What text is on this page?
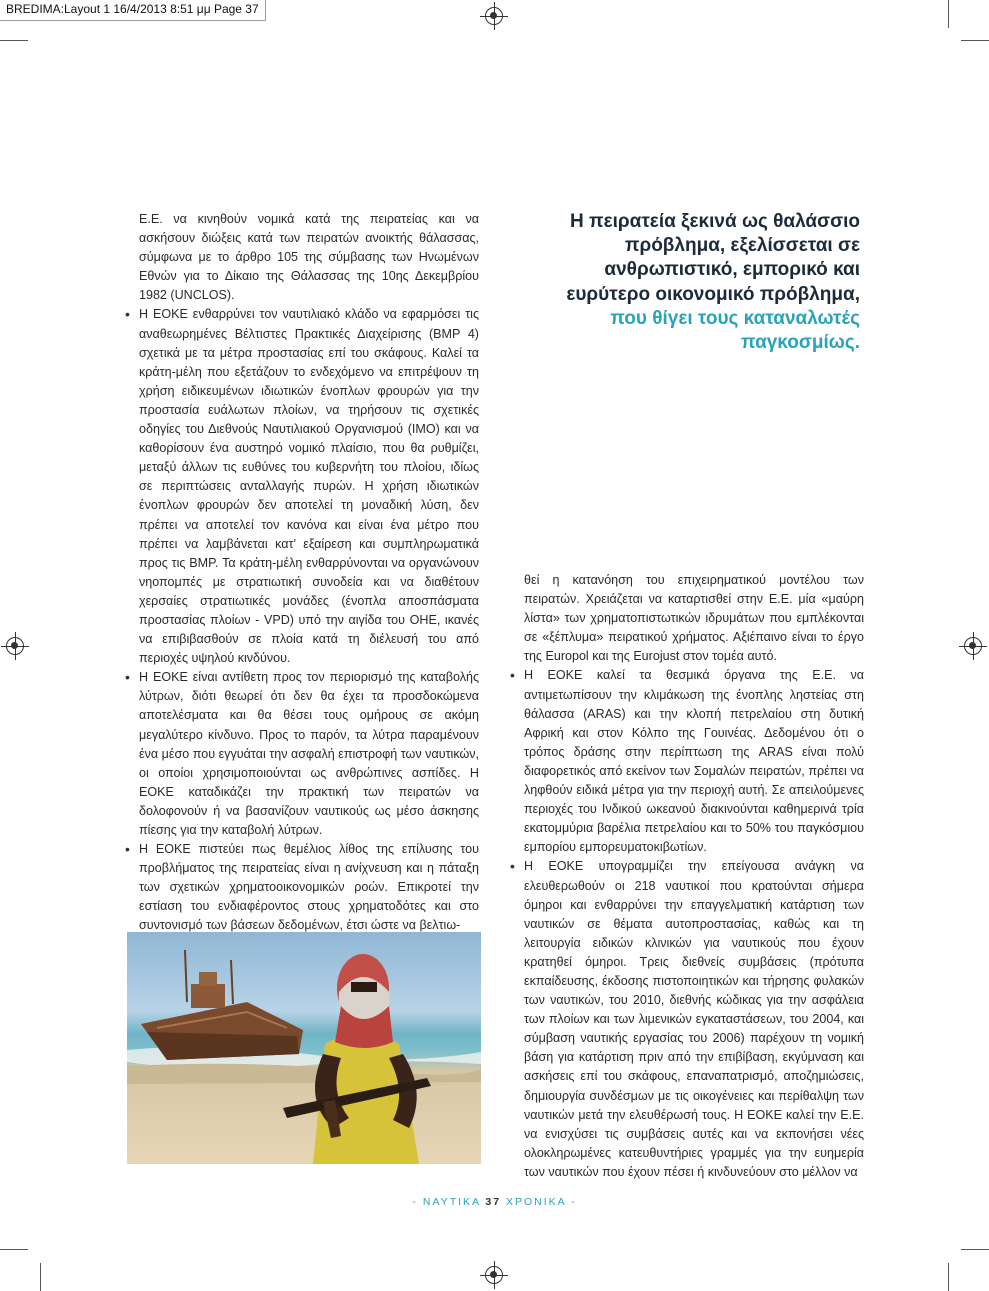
BREDIMA:Layout 1 16/4/2013 8:51 μμ Page 37

Ε.Ε. να κινηθούν νομικά κατά της πειρατείας και να ασκήσουν διώξεις κατά των πειρατών ανοικτής θάλασσας, σύμφωνα με το άρθρο 105 της σύμβασης των Ηνωμένων Εθνών για το Δίκαιο της Θάλασσας της 10ης Δεκεμβρίου 1982 (UNCLOS).

• Η ΕΟΚΕ ενθαρρύνει τον ναυτιλιακό κλάδο να εφαρμόσει τις αναθεωρημένες Βέλτιστες Πρακτικές Διαχείρισης (BMP 4) σχετικά με τα μέτρα προστασίας επί του σκάφους. Καλεί τα κράτη-μέλη που εξετάζουν το ενδεχόμενο να επιτρέψουν τη χρήση ειδικευμένων ιδιωτικών ένοπλων φρουρών για την προστασία ευάλωτων πλοίων, να τηρήσουν τις σχετικές οδηγίες του Διεθνούς Ναυτιλιακού Οργανισμού (IMO) και να καθορίσουν ένα αυστηρό νομικό πλαίσιο, που θα ρυθμίζει, μεταξύ άλλων τις ευθύνες του κυβερνήτη του πλοίου, ιδίως σε περιπτώσεις ανταλλαγής πυρών. Η χρήση ιδιωτικών ένοπλων φρουρών δεν αποτελεί τη μοναδική λύση, δεν πρέπει να αποτελεί τον κανόνα και είναι ένα μέτρο που πρέπει να λαμβάνεται κατ’ εξαίρεση και συμπληρωματικά προς τις BMP. Τα κράτη-μέλη ενθαρρύνονται να οργανώνουν νηοπομπές με στρατιωτική συνοδεία και να διαθέτουν χερσαίες στρατιωτικές μονάδες (ένοπλα αποσπάσματα προστασίας πλοίων - VPD) υπό την αιγίδα του ΟΗΕ, ικανές να επιβιβασθούν σε πλοία κατά τη διέλευσή του από περιοχές υψηλού κινδύνου.
• Η ΕΟΚΕ είναι αντίθετη προς τον περιορισμό της καταβολής λύτρων, διότι θεωρεί ότι δεν θα έχει τα προσδοκώμενα αποτελέσματα και θα θέσει τους ομήρους σε ακόμη μεγαλύτερο κίνδυνο. Προς το παρόν, τα λύτρα παραμένουν ένα μέσο που εγγυάται την ασφαλή επιστροφή των ναυτικών, οι οποίοι χρησιμοποιούνται ως ανθρώπινες ασπίδες. Η ΕΟΚΕ καταδικάζει την πρακτική των πειρατών να δολοφονούν ή να βασανίζουν ναυτικούς ως μέσο άσκησης πίεσης για την καταβολή λύτρων.
• Η ΕΟΚΕ πιστεύει πως θεμέλιος λίθος της επίλυσης του προβλήματος της πειρατείας είναι η ανίχνευση και η πάταξη των σχετικών χρηματοοικονομικών ροών. Επικροτεί την εστίαση του ενδιαφέροντος στους χρηματοδότες και στο συντονισμό των βάσεων δεδομένων, έτσι ώστε να βελτιω-
Η πειρατεία ξεκινά ως θαλάσσιο πρόβλημα, εξελίσσεται σε ανθρωπιστικό, εμπορικό και ευρύτερο οικονομικό πρόβλημα, που θίγει τους καταναλωτές παγκοσμίως.

θεί η κατανόηση του επιχειρηματικού μοντέλου των πειρατών. Χρειάζεται να καταρτισθεί στην Ε.Ε. μία «μαύρη λίστα» των χρηματοπιστωτικών ιδρυμάτων που εμπλέκονται σε «ξέπλυμα» πειρατικού χρήματος. Αξιέπαινο είναι το έργο της Europol και της Eurojust στον τομέα αυτό.

• Η ΕΟΚΕ καλεί τα θεσμικά όργανα της Ε.Ε. να αντιμετωπίσουν την κλιμάκωση της ένοπλης ληστείας στη θάλασσα (ARAS) και την κλοπή πετρελαίου στη δυτική Αφρική και στον Κόλπο της Γουινέας. Δεδομένου ότι ο τρόπος δράσης στην περίπτωση της ARAS είναι πολύ διαφορετικός από εκείνον των Σομαλών πειρατών, πρέπει να ληφθούν ειδικά μέτρα για την περιοχή αυτή. Σε απειλούμενες περιοχές του Ινδικού ωκεανού διακινούνται καθημερινά τρία εκατομμύρια βαρέλια πετρελαίου και το 50% του παγκόσμιου εμπορίου εμπορευματοκιβωτίων.
• Η ΕΟΚΕ υπογραμμίζει την επείγουσα ανάγκη να ελευθερωθούν οι 218 ναυτικοί που κρατούνται σήμερα όμηροι και ενθαρρύνει την επαγγελματική κατάρτιση των ναυτικών σε θέματα αυτοπροστασίας, καθώς και τη λειτουργία ειδικών κλινικών για ναυτικούς που έχουν κρατηθεί όμηροι. Τρεις διεθνείς συμβάσεις (πρότυπα εκπαίδευσης, έκδοσης πιστοποιητικών και τήρησης φυλακών των ναυτικών, του 2010, διεθνής κώδικας για την ασφάλεια των πλοίων και των λιμενικών εγκαταστάσεων, του 2004, και σύμβαση ναυτικής εργασίας του 2006) παρέχουν τη νομική βάση για κατάρτιση πριν από την επιβίβαση, εκγύμναση και ασκήσεις επί του σκάφους, επαναπατρισμό, αποζημιώσεις, δημιουργία συνδέσμων με τις οικογένειες και περίθαλψη των ναυτικών μετά την ελευθέρωσή τους. Η ΕΟΚΕ καλεί την Ε.Ε. να ενισχύσει τις συμβάσεις αυτές και να εκπονήσει νέες ολοκληρωμένες κατευθυντήριες γραμμές για την ευημερία των ναυτικών που έχουν πέσει ή κινδυνεύουν στο μέλλον να
- ΝΑΥΤΙΚΑ 37 ΧΡΟΝΙΚΑ -
